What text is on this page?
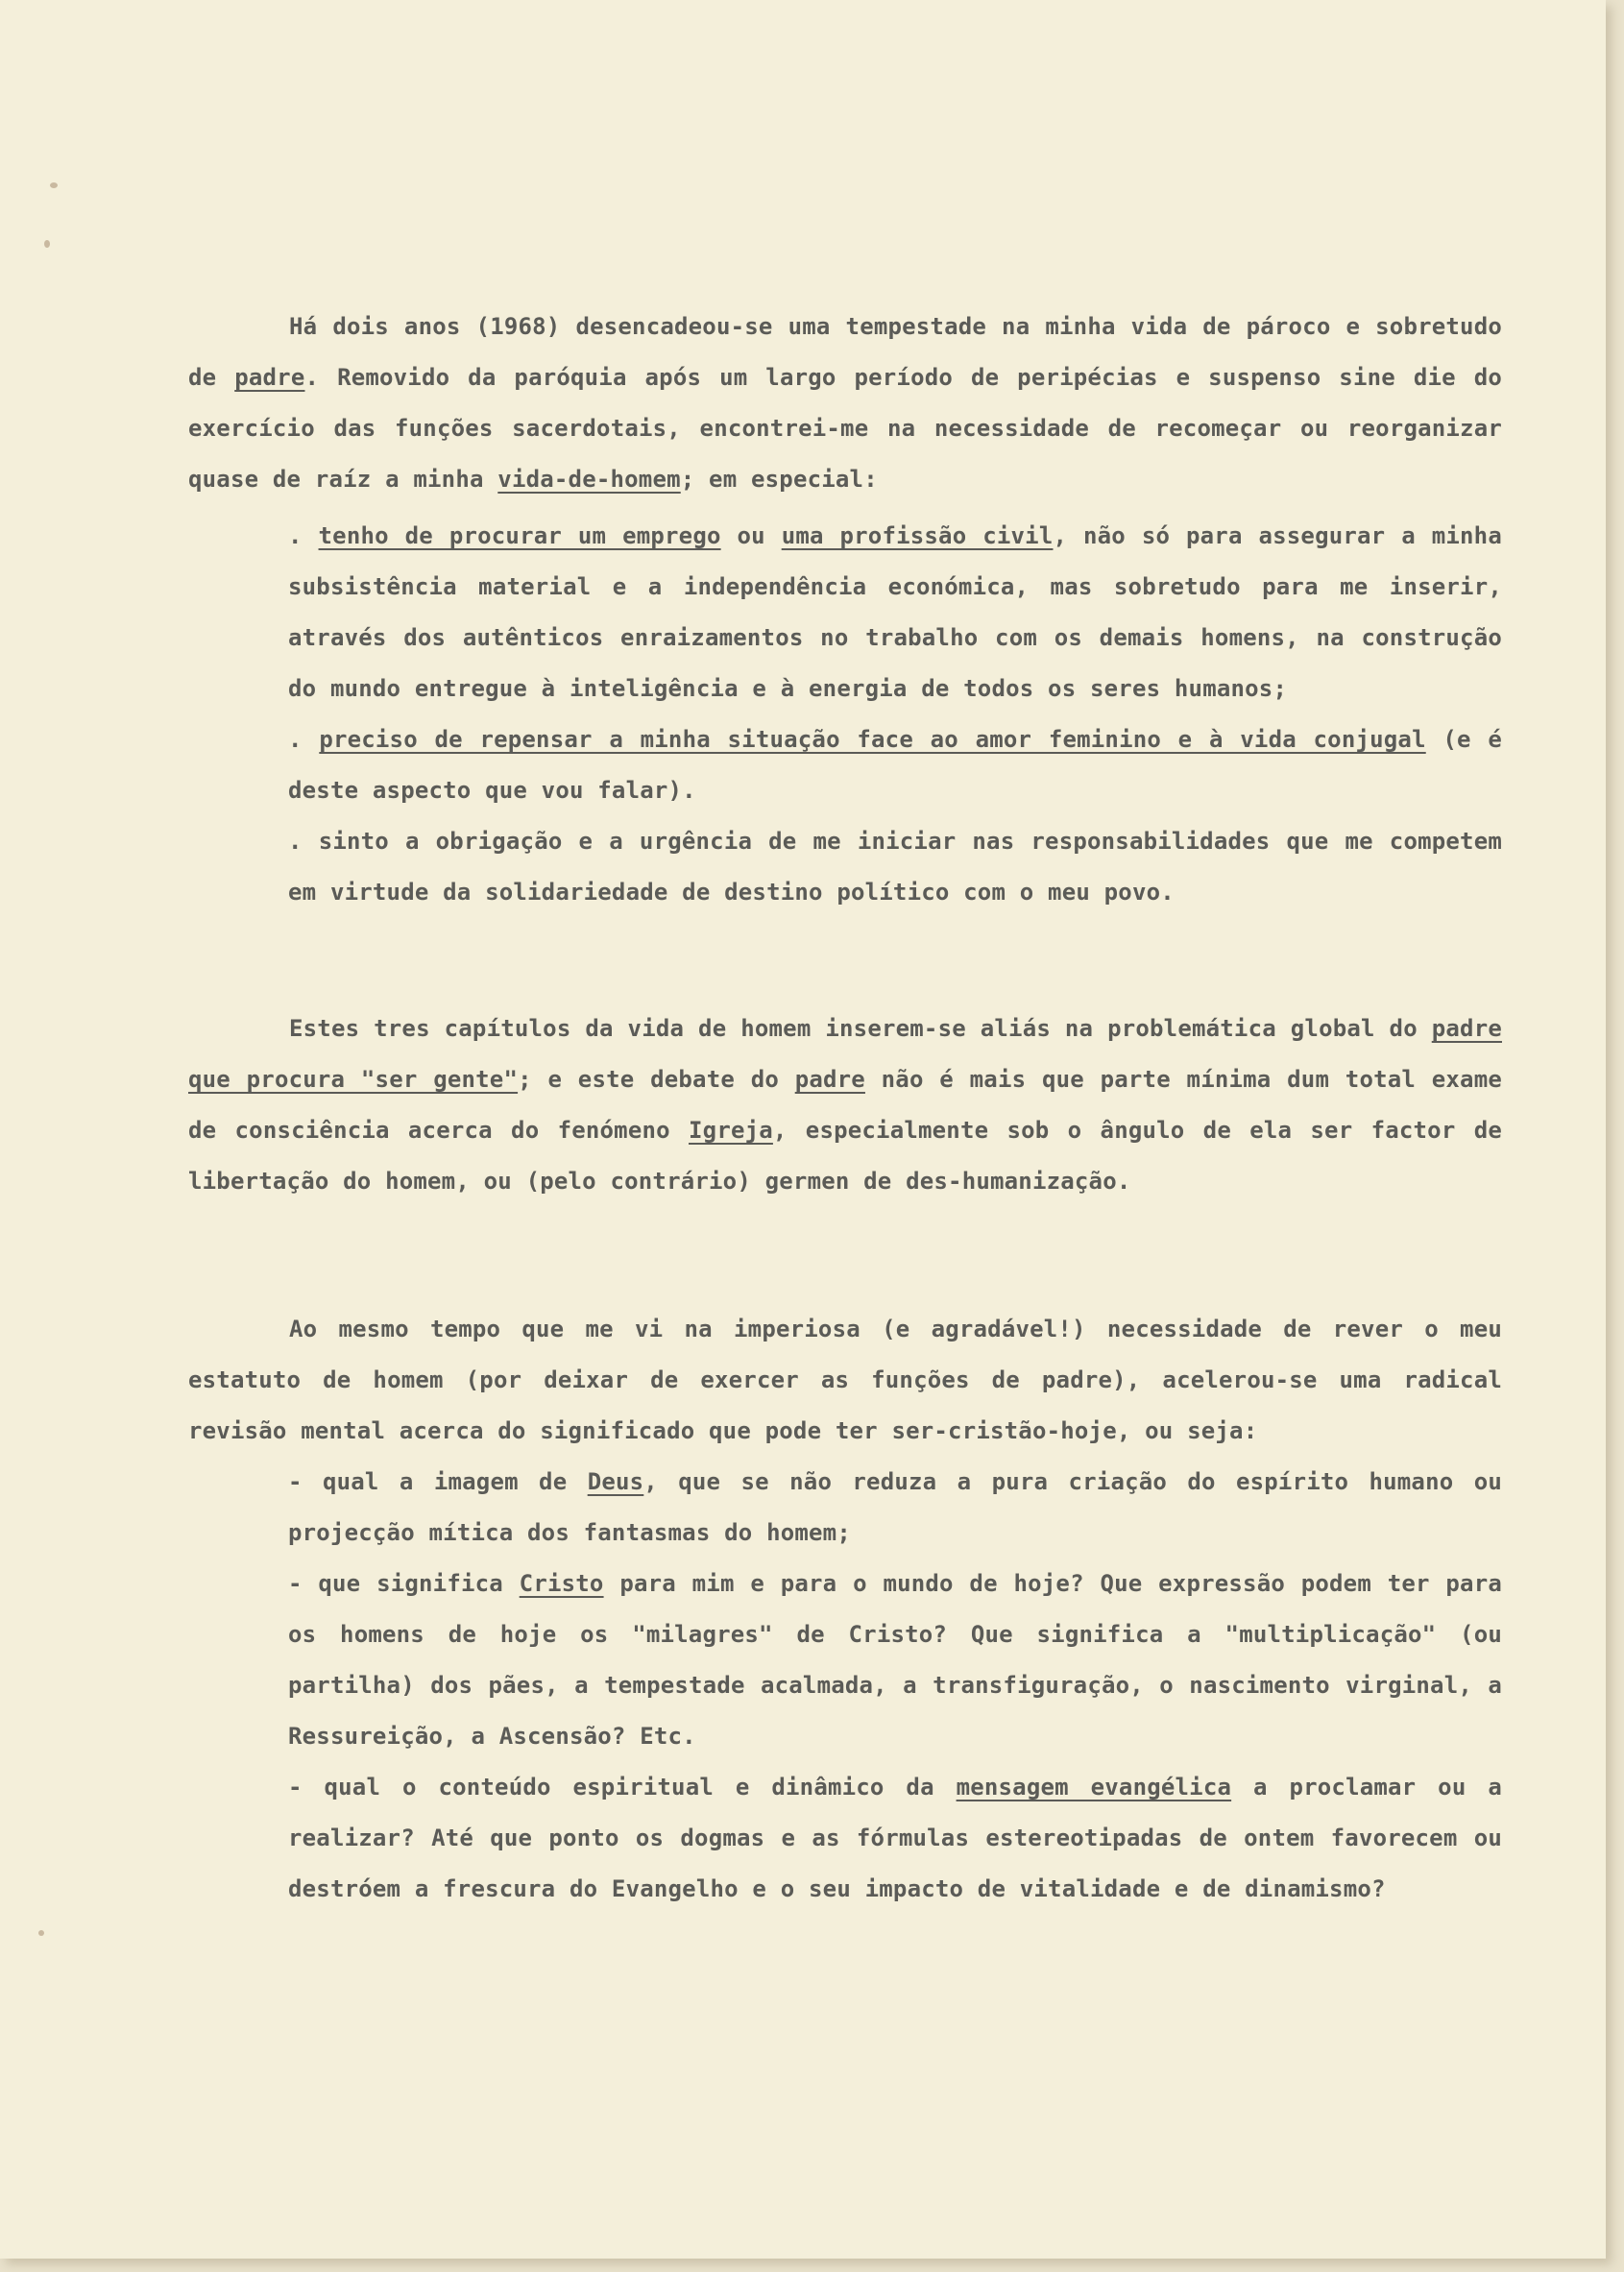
Há dois anos (1968) desencadeou-se uma tempestade na minha vida de pároco e sobretudo de padre. Removido da paróquia após um largo período de peripécias e suspenso sine die do exercício das funções sacerdotais, encontrei-me na necessidade de recomeçar ou reorganizar quase de raíz a minha vida-de-homem; em especial:

. tenho de procurar um emprego ou uma profissão civil, não só para assegurar a minha subsistência material e a independência económica, mas sobretudo para me inserir, através dos autênticos enraizamentos no trabalho com os demais homens, na construção do mundo entregue à inteligência e à energia de todos os seres humanos;

. preciso de repensar a minha situação face ao amor feminino e à vida conjugal (e é deste aspecto que vou falar).

. sinto a obrigação e a urgência de me iniciar nas responsabilidades que me competem em virtude da solidariedade de destino político com o meu povo.

Estes tres capítulos da vida de homem inserem-se aliás na problemática global do padre que procura "ser gente"; e este debate do padre não é mais que parte mínima dum total exame de consciência acerca do fenómeno Igreja, especialmente sob o ângulo de ela ser factor de libertação do homem, ou (pelo contrário) germen de des-humanização.

Ao mesmo tempo que me vi na imperiosa (e agradável!) necessidade de rever o meu estatuto de homem (por deixar de exercer as funções de padre), acelerou-se uma radical revisão mental acerca do significado que pode ter ser-cristão-hoje, ou seja:

- qual a imagem de Deus, que se não reduza a pura criação do espírito humano ou projecção mítica dos fantasmas do homem;

- que significa Cristo para mim e para o mundo de hoje? Que expressão podem ter para os homens de hoje os "milagres" de Cristo? Que significa a "multiplicação" (ou partilha) dos pães, a tempestade acalmada, a transfiguração, o nascimento virginal, a Ressureição, a Ascensão? Etc.

- qual o conteúdo espiritual e dinâmico da mensagem evangélica a proclamar ou a realizar? Até que ponto os dogmas e as fórmulas estereotipadas de ontem favorecem ou destróem a frescura do Evangelho e o seu impacto de vitalidade e de dinamismo?
